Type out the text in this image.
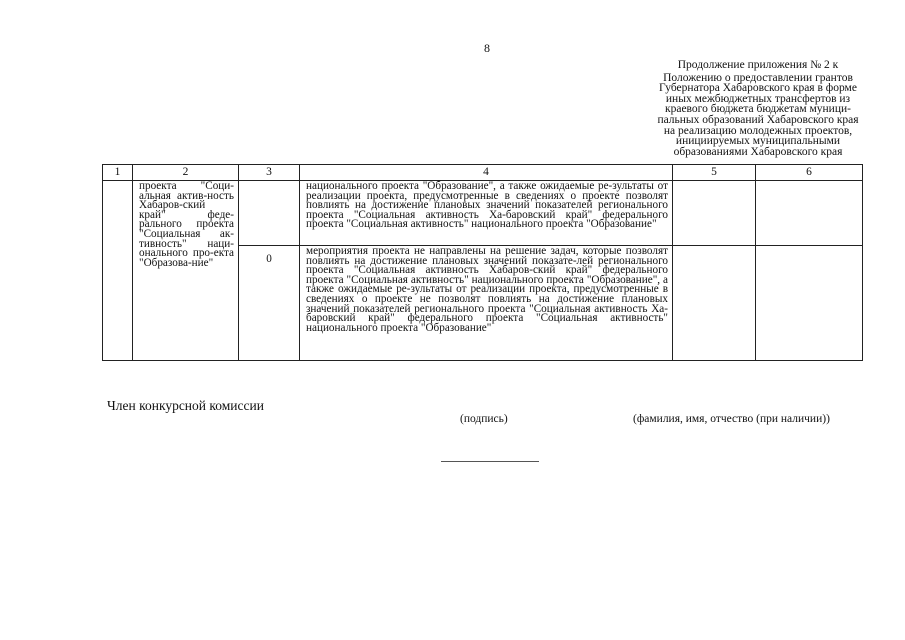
8
Продолжение приложения № 2 к
Положению о предоставлении грантов
Губернатора Хабаровского края в форме
иных межбюджетных трансфертов из
краевого бюджета бюджетам муници-
пальных образований Хабаровского края
на реализацию молодежных проектов,
инициируемых муниципальными
образованиями Хабаровского края
1	2	3	4	5	6
	проекта "Соци-альная актив-ность Хабаров-ский край" феде-рального проекта "Социальная ак-тивность" наци-онального про-екта "Образова-ние"		национального проекта "Образование", а также ожидаемые ре-зультаты от реализации проекта, предусмотренные в сведениях о проекте позволят повлиять на достижение плановых значений показателей регионального проекта "Социальная активность Ха-баровский край" федерального проекта "Социальная активность" национального проекта "Образование"		

		0	мероприятия проекта не направлены на решение задач, которые позволят повлиять на достижение плановых значений показате-лей регионального проекта "Социальная активность Хабаров-ский край" федерального проекта "Социальная активность" национального проекта "Образование", а также ожидаемые ре-зультаты от реализации проекта, предусмотренные в сведениях о проекте не позволят повлиять на достижение плановых значений показателей регионального проекта "Социальная активность Ха-баровский край" федерального проекта "Социальная активность" национального проекта "Образование"		
Член конкурсной комиссии
(подпись)	(фамилия, имя, отчество (при наличии))
